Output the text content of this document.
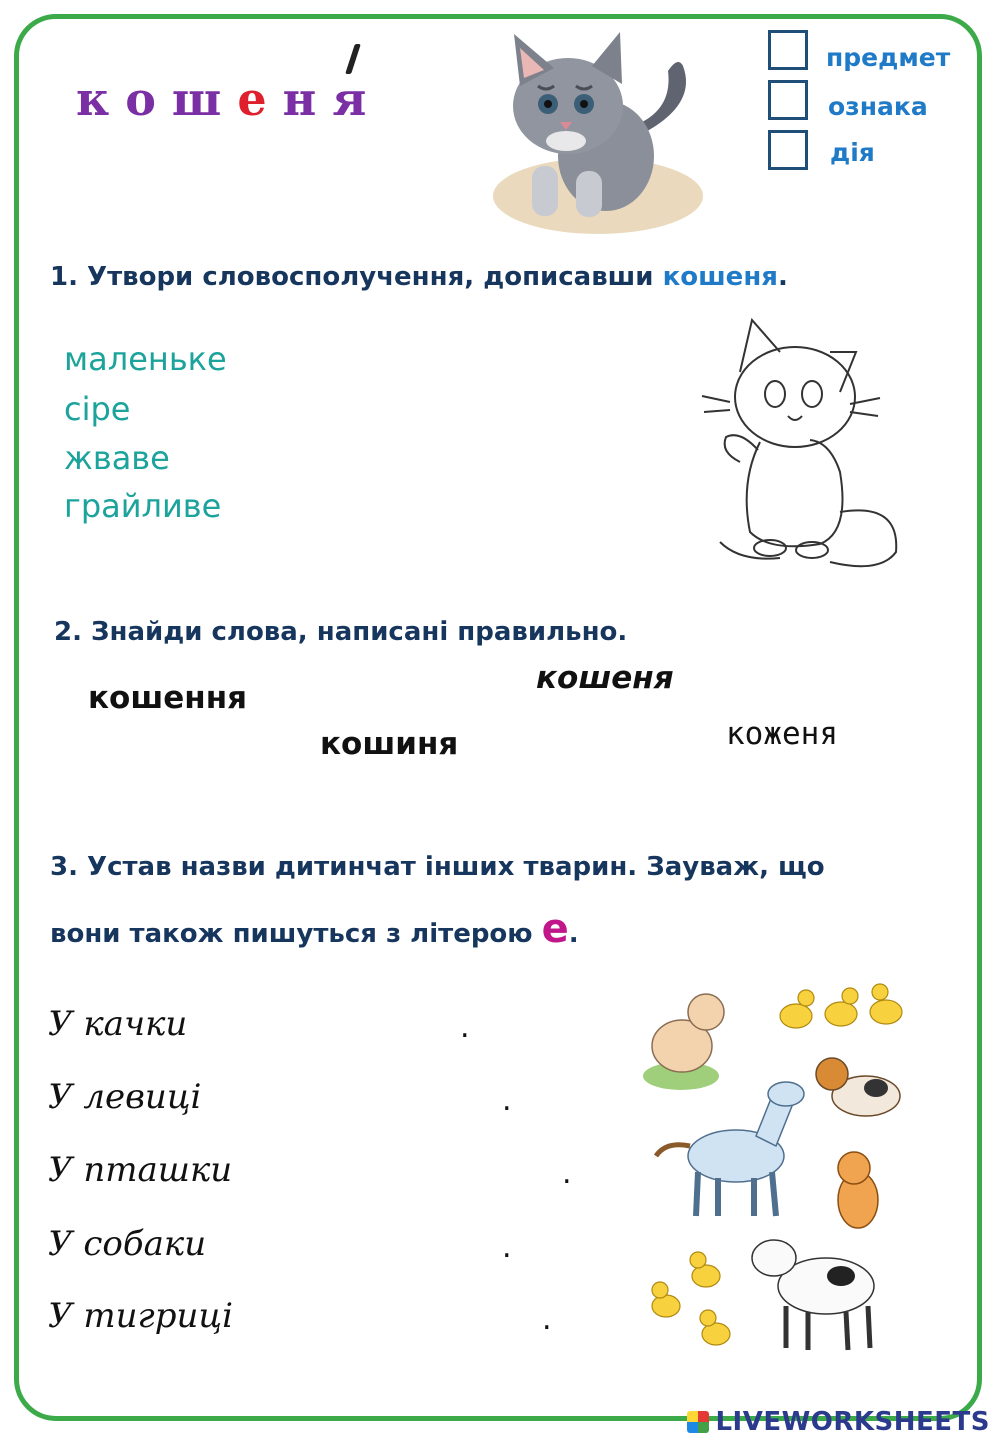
к о ш е н я
предмет
ознака
дія
1. Утвори словосполучення, дописавши кошеня.
маленьке
сіре
жваве
грайливе
2. Знайди слова, написані правильно.
кошення
кошеня
кошиня	коженя
3. Устав назви дитинчат інших тварин. Зауваж, що
вони також пишуться з літерою е.
У качки	.
У левиці	.
У пташки	.
У собаки	.
У тигриці	.
LIVEWORKSHEETS
